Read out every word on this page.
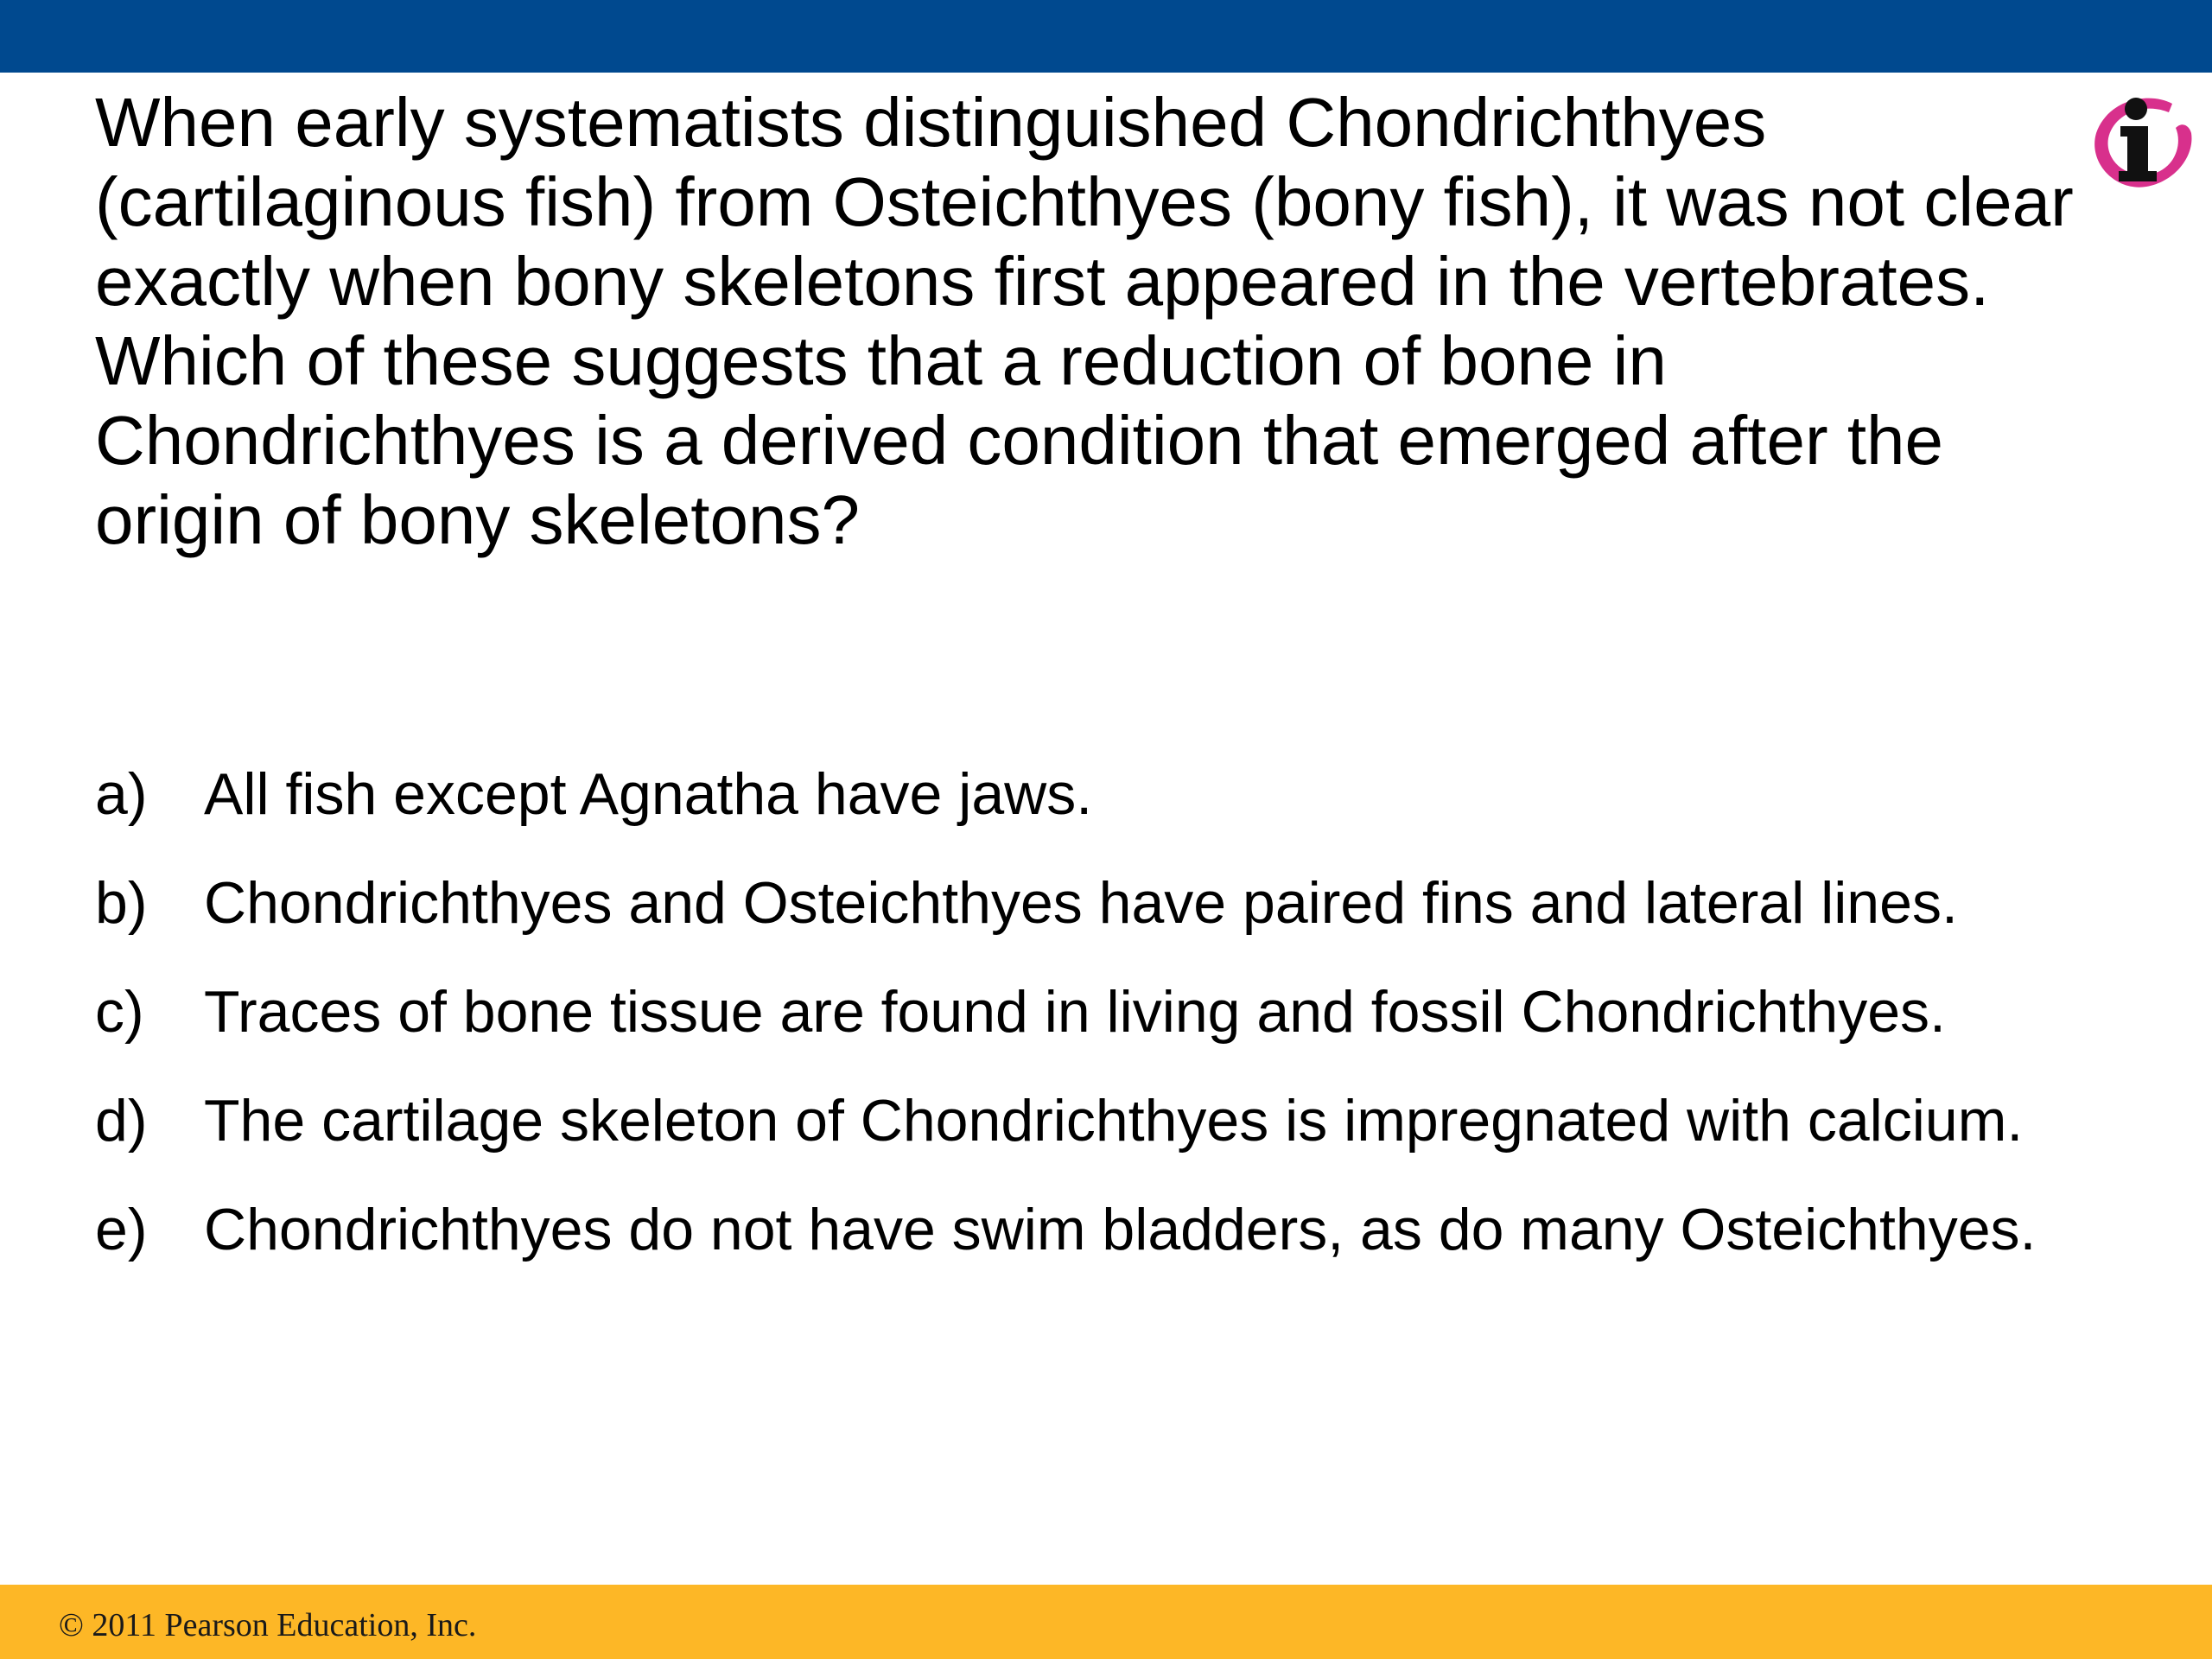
When early systematists distinguished Chondrichthyes (cartilaginous fish) from Osteichthyes (bony fish), it was not clear exactly when bony skeletons first appeared in the vertebrates. Which of these suggests that a reduction of bone in Chondrichthyes is a derived condition that emerged after the origin of bony skeletons?

a) All fish except Agnatha have jaws.
b) Chondrichthyes and Osteichthyes have paired fins and lateral lines.
c)	Traces of bone tissue are found in living and fossil Chondrichthyes.
d) The cartilage skeleton of Chondrichthyes is impregnated with calcium.
e) Chondrichthyes do not have swim bladders, as do many Osteichthyes.
© 2011 Pearson Education, Inc.
